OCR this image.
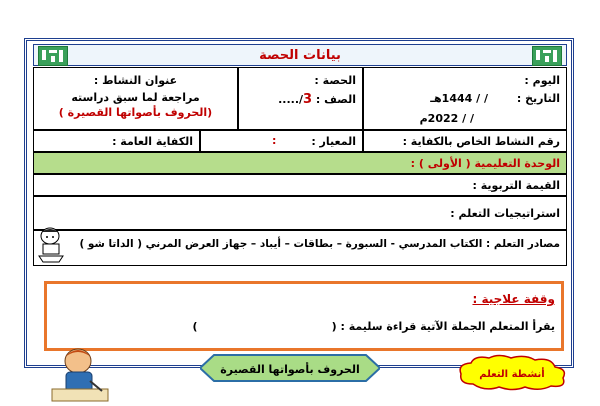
بيانات الحصة
اليوم :
التاريخ :
/ / 1444هـ
/ / 2022م
الحصة :
الصف : 3/.....
عنوان النشاط :
مراجعة لما سبق دراسته
(الحروف بأصواتها القصيرة )
رقم النشاط الخاص بالكفاية :
المعيار :
الكفاية العامة :	:
الوحدة التعليمية ( الأولى ) :
القيمة التربوية :
استراتيجيات التعلم :
مصادر التعلم : الكتاب المدرسي - السبورة – بطاقات – أيباد – جهاز العرض المرني ( الداتا شو )
وقفة علاجية :
يقرأ المتعلم الجملة الآتية قراءة سليمة : (                                   )
الحروف بأصواتها القصيرة	أنشطة التعلم
